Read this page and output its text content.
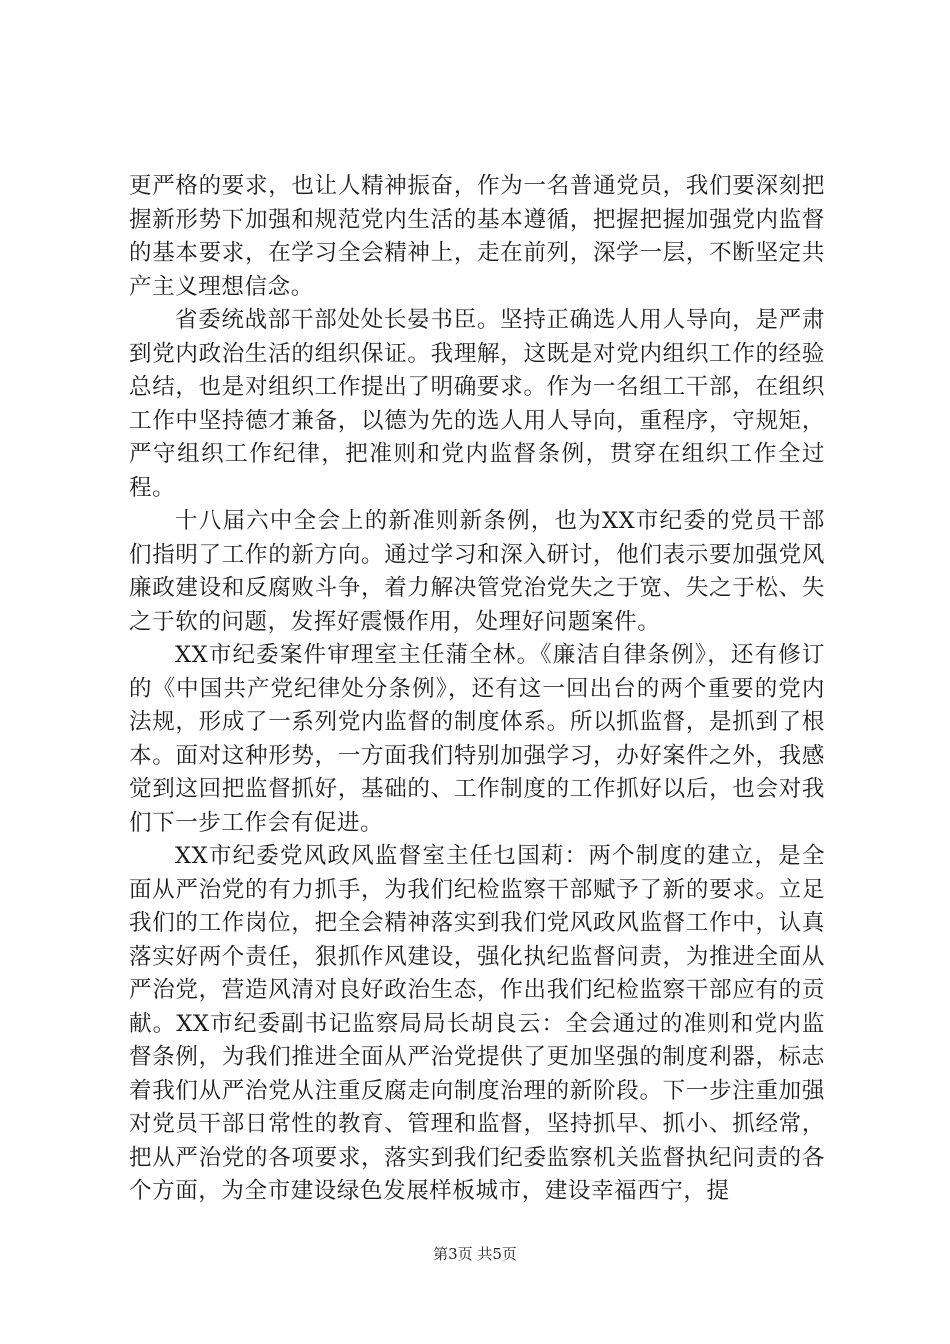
更严格的要求，也让人精神振奋，作为一名普通党员，我们要深刻把握新形势下加强和规范党内生活的基本遵循，把握把握加强党内监督的基本要求，在学习全会精神上，走在前列，深学一层，不断坚定共产主义理想信念。

省委统战部干部处处长晏书臣。坚持正确选人用人导向，是严肃到党内政治生活的组织保证。我理解，这既是对党内组织工作的经验总结，也是对组织工作提出了明确要求。作为一名组工干部，在组织工作中坚持德才兼备，以德为先的选人用人导向，重程序，守规矩，严守组织工作纪律，把准则和党内监督条例，贯穿在组织工作全过程。

十八届六中全会上的新准则新条例，也为XX市纪委的党员干部们指明了工作的新方向。通过学习和深入研讨，他们表示要加强党风廉政建设和反腐败斗争，着力解决管党治党失之于宽、失之于松、失之于软的问题，发挥好震慑作用，处理好问题案件。

XX市纪委案件审理室主任蒲全林。《廉洁自律条例》，还有修订的《中国共产党纪律处分条例》，还有这一回出台的两个重要的党内法规，形成了一系列党内监督的制度体系。所以抓监督，是抓到了根本。面对这种形势，一方面我们特别加强学习，办好案件之外，我感觉到这回把监督抓好，基础的、工作制度的工作抓好以后，也会对我们下一步工作会有促进。

XX市纪委党风政风监督室主任乜国莉：两个制度的建立，是全面从严治党的有力抓手，为我们纪检监察干部赋予了新的要求。立足我们的工作岗位，把全会精神落实到我们党风政风监督工作中，认真落实好两个责任，狠抓作风建设，强化执纪监督问责，为推进全面从严治党，营造风清对良好政治生态，作出我们纪检监察干部应有的贡献。XX市纪委副书记监察局局长胡良云：全会通过的准则和党内监督条例，为我们推进全面从严治党提供了更加坚强的制度利器，标志着我们从严治党从注重反腐走向制度治理的新阶段。下一步注重加强对党员干部日常性的教育、管理和监督，坚持抓早、抓小、抓经常，把从严治党的各项要求，落实到我们纪委监察机关监督执纪问责的各个方面，为全市建设绿色发展样板城市，建设幸福西宁，提

第3页 共5页
